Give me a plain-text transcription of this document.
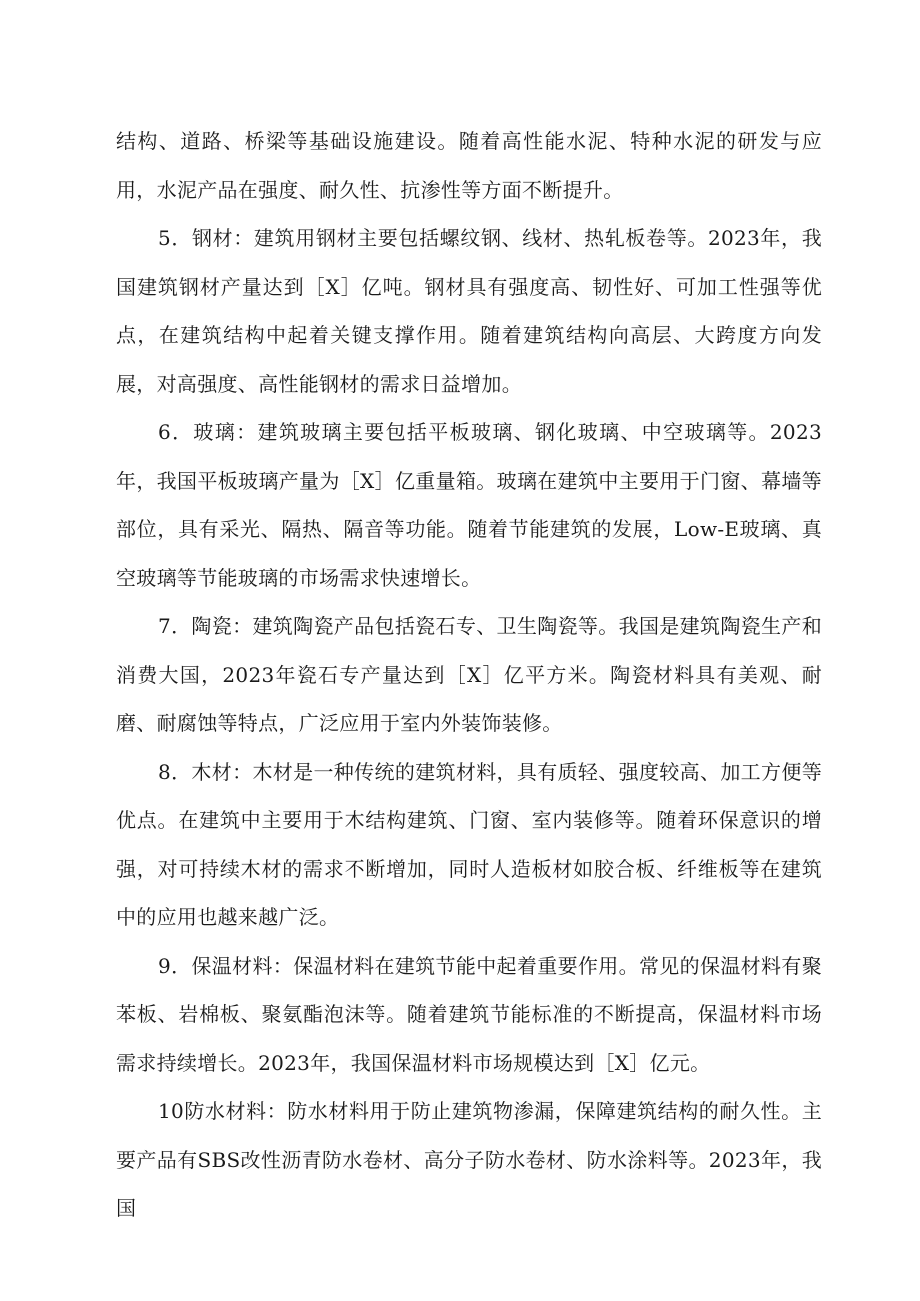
结构、道路、桥梁等基础设施建设。随着高性能水泥、特种水泥的研发与应用，水泥产品在强度、耐久性、抗渗性等方面不断提升。

5．钢材：建筑用钢材主要包括螺纹钢、线材、热轧板卷等。2023年，我国建筑钢材产量达到［X］亿吨。钢材具有强度高、韧性好、可加工性强等优点，在建筑结构中起着关键支撑作用。随着建筑结构向高层、大跨度方向发展，对高强度、高性能钢材的需求日益增加。

6．玻璃：建筑玻璃主要包括平板玻璃、钢化玻璃、中空玻璃等。2023年，我国平板玻璃产量为［X］亿重量箱。玻璃在建筑中主要用于门窗、幕墙等部位，具有采光、隔热、隔音等功能。随着节能建筑的发展，Low-E玻璃、真空玻璃等节能玻璃的市场需求快速增长。

7．陶瓷：建筑陶瓷产品包括瓷石专、卫生陶瓷等。我国是建筑陶瓷生产和消费大国，2023年瓷石专产量达到［X］亿平方米。陶瓷材料具有美观、耐磨、耐腐蚀等特点，广泛应用于室内外装饰装修。

8．木材：木材是一种传统的建筑材料，具有质轻、强度较高、加工方便等优点。在建筑中主要用于木结构建筑、门窗、室内装修等。随着环保意识的增强，对可持续木材的需求不断增加，同时人造板材如胶合板、纤维板等在建筑中的应用也越来越广泛。

9．保温材料：保温材料在建筑节能中起着重要作用。常见的保温材料有聚苯板、岩棉板、聚氨酯泡沫等。随着建筑节能标准的不断提高，保温材料市场需求持续增长。2023年，我国保温材料市场规模达到［X］亿元。

10防水材料：防水材料用于防止建筑物渗漏，保障建筑结构的耐久性。主要产品有SBS改性沥青防水卷材、高分子防水卷材、防水涂料等。2023年，我国
